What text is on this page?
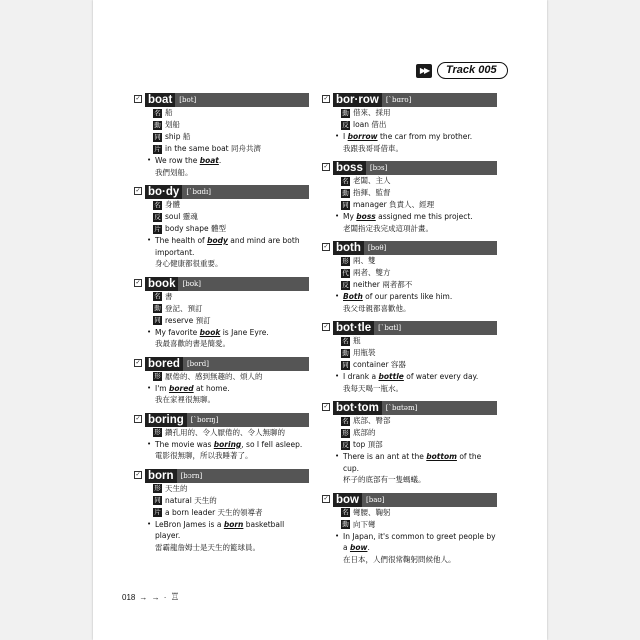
▶▶	Track 005
✓ boat	[bot]
名 船
動 划船
同 ship 船
片 in the same boat 同舟共濟
• We row the boat.
我們划船。
✓ bo·dy	[ˋbɑdɪ]
名 身體
反 soul 靈魂
片 body shape 體型
• The health of body and mind are both important.
身心健康都很重要。
✓ book	[bʊk]
名 書
動 登記、預訂
同 reserve 預訂
• My favorite book is Jane Eyre.
我最喜歡的書是簡愛。
✓ bored	[bord]
形 厭倦的、感到無趣的、煩人的
• I'm bored at home.
我在家裡很無聊。
✓ boring	[ˋborɪŋ]
形 鑽孔用的、令人厭倦的、令人無聊的
• The movie was boring, so I fell asleep.
電影很無聊，所以我睡著了。
✓ born	[bɔrn]
形 天生的
同 natural 天生的
片 a born leader 天生的領導者
• LeBron James is a born basketball player.
雷霸龍詹姆士是天生的籃球員。
✓ bor·row	[ˋbɑro]
動 借來、採用
反 loan 借出
• I borrow the car from my brother.
我跟我哥哥借車。
✓ boss	[bɔs]
名 老闆、主人
動 指揮、監督
同 manager 負責人、經理
• My boss assigned me this project.
老闆指定我完成這項計畫。
✓ both	[boθ]
形 兩、雙
代 兩者、雙方
反 neither 兩者都不
• Both of our parents like him.
我父母親都喜歡他。
✓ bot·tle	[ˋbɑtl]
名 瓶
動 用瓶裝
同 container 容器
• I drank a bottle of water every day.
我每天喝一瓶水。
✓ bot·tom	[ˋbɑtəm]
名 底部、臀部
形 底部的
反 top 頂部
• There is an ant at the bottom of the cup.
杯子的底部有一隻螞蟻。
✓ bow	[baʊ]
名 彎腰、鞠躬
動 向下彎
• In Japan, it's common to greet people by a bow.
在日本，人們很常鞠躬問候他人。
018 → → · ♖
